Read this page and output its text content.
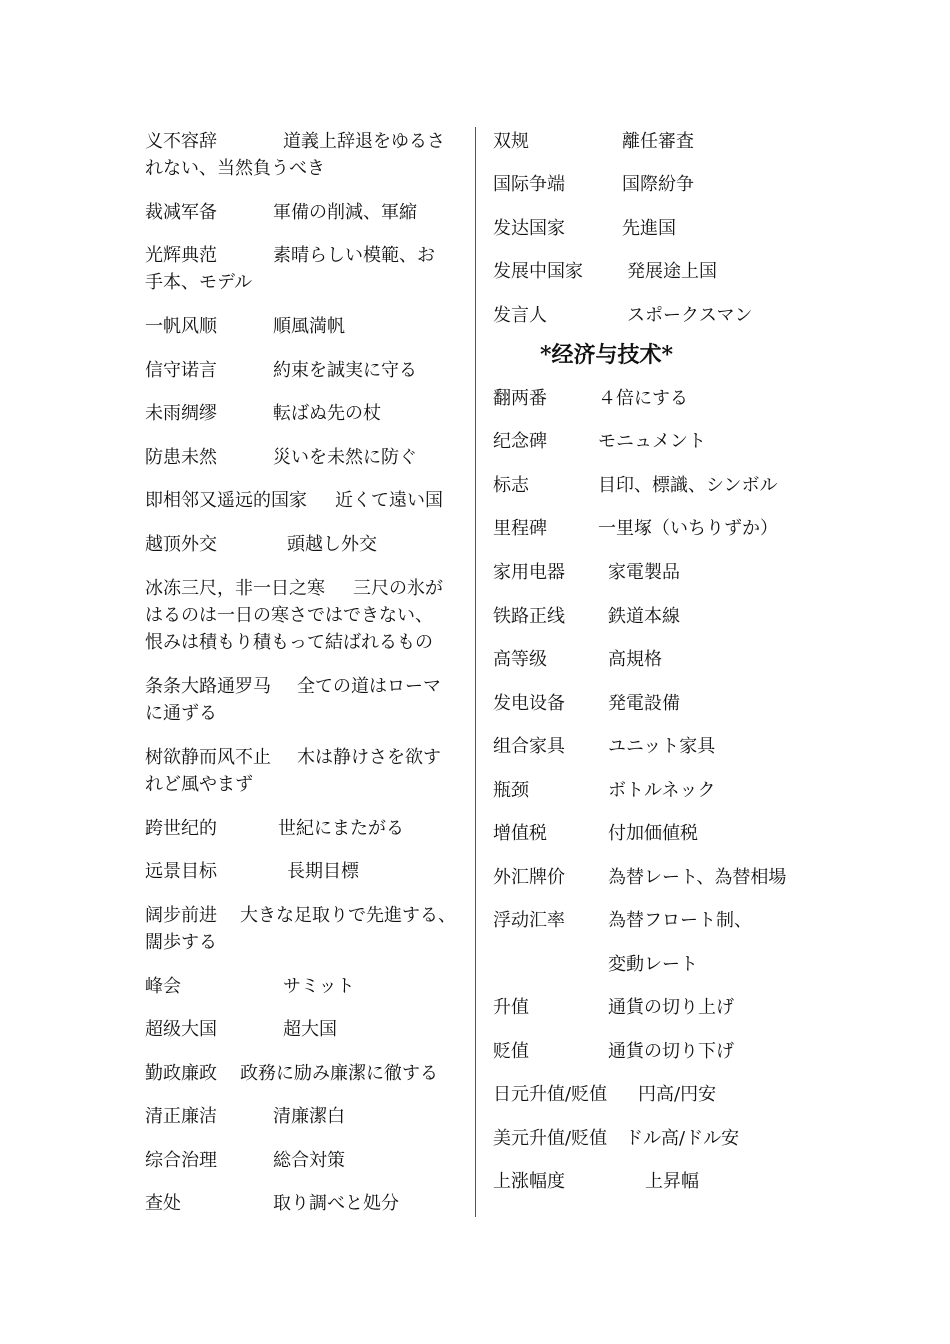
义不容辞	道義上辞退をゆるさ
れない、当然負うべき
裁减军备	軍備の削減、軍縮
光辉典范	素晴らしい模範、お
手本、モデル
一帆风顺	順風満帆
信守诺言	約束を誠実に守る
未雨绸缪	転ばぬ先の杖
防患未然	災いを未然に防ぐ
即相邻又遥远的国家 近くて遠い国
越顶外交	頭越し外交
冰冻三尺，非一日之寒 三尺の氷が
はるのは一日の寒さではできない、
恨みは積もり積もって結ばれるもの
条条大路通罗马 全ての道はローマ
に通ずる
树欲静而风不止 木は静けさを欲す
れど風やまず
跨世纪的	世紀にまたがる
远景目标	長期目標
阔步前进 大きな足取りで先進する、
闊歩する
峰会	サミット
超级大国	超大国
勤政廉政 政務に励み廉潔に徹する
清正廉洁	清廉潔白
综合治理	総合対策
查处	取り調べと処分
双规	離任審査
国际争端	国際紛争
发达国家	先進国
发展中国家 発展途上国
发言人	スポークスマン
翻两番	４倍にする
纪念碑	モニュメント
标志	目印、標識、シンボル
里程碑	一里塚（いちりずか）
家用电器 家電製品
铁路正线 鉄道本線
高等级	高規格
发电设备 発電設備
组合家具 ユニット家具
瓶颈	ボトルネック
增值税	付加価値税
外汇牌价 為替レート、為替相場
浮动汇率 為替フロート制、
変動レート
升值	通貨の切り上げ
贬值	通貨の切り下げ
日元升值/贬值 円高/円安
美元升值/贬值 ドル高/ドル安
上涨幅度	上昇幅
*经济与技术*
